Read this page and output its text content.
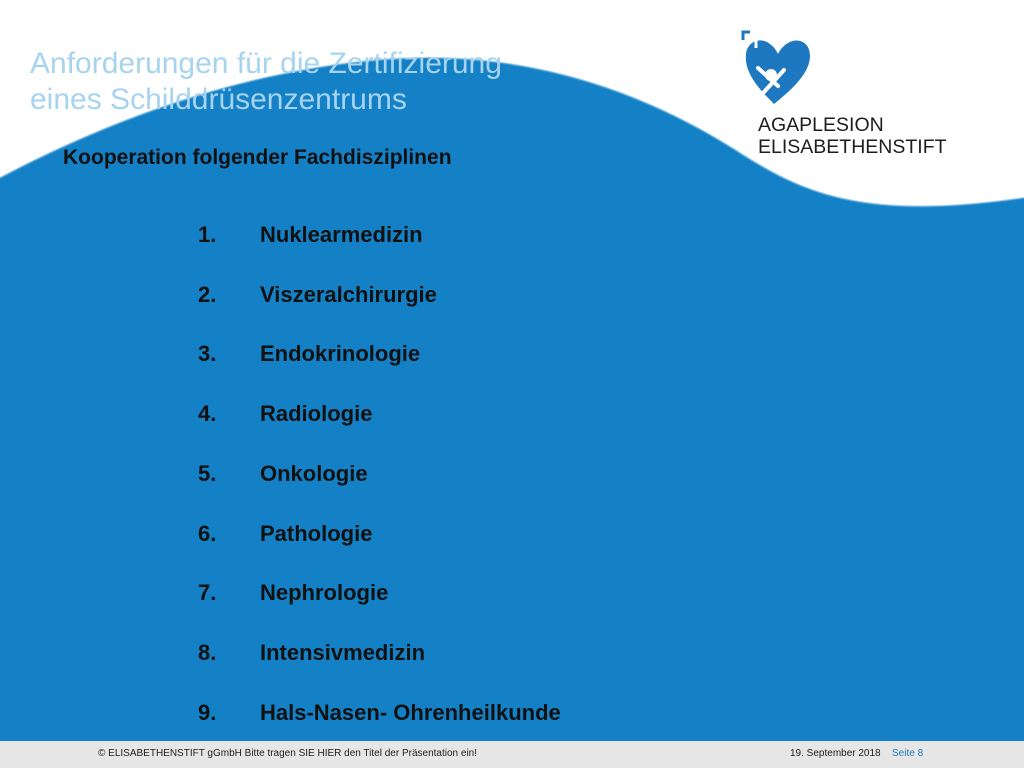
Anforderungen für die Zertifizierung
eines Schilddrüsenzentrums
AGAPLESION
ELISABETHENSTIFT
Kooperation folgender Fachdisziplinen
1.	Nuklearmedizin
2.	Viszeralchirurgie
3.	Endokrinologie
4.	Radiologie
5.	Onkologie
6.	Pathologie
7.	Nephrologie
8.	Intensivmedizin
9.	Hals-Nasen- Ohrenheilkunde
© ELISABETHENSTIFT gGmbH Bitte tragen SIE HIER den Titel der Präsentation ein!	19. September 2018 Seite 8
